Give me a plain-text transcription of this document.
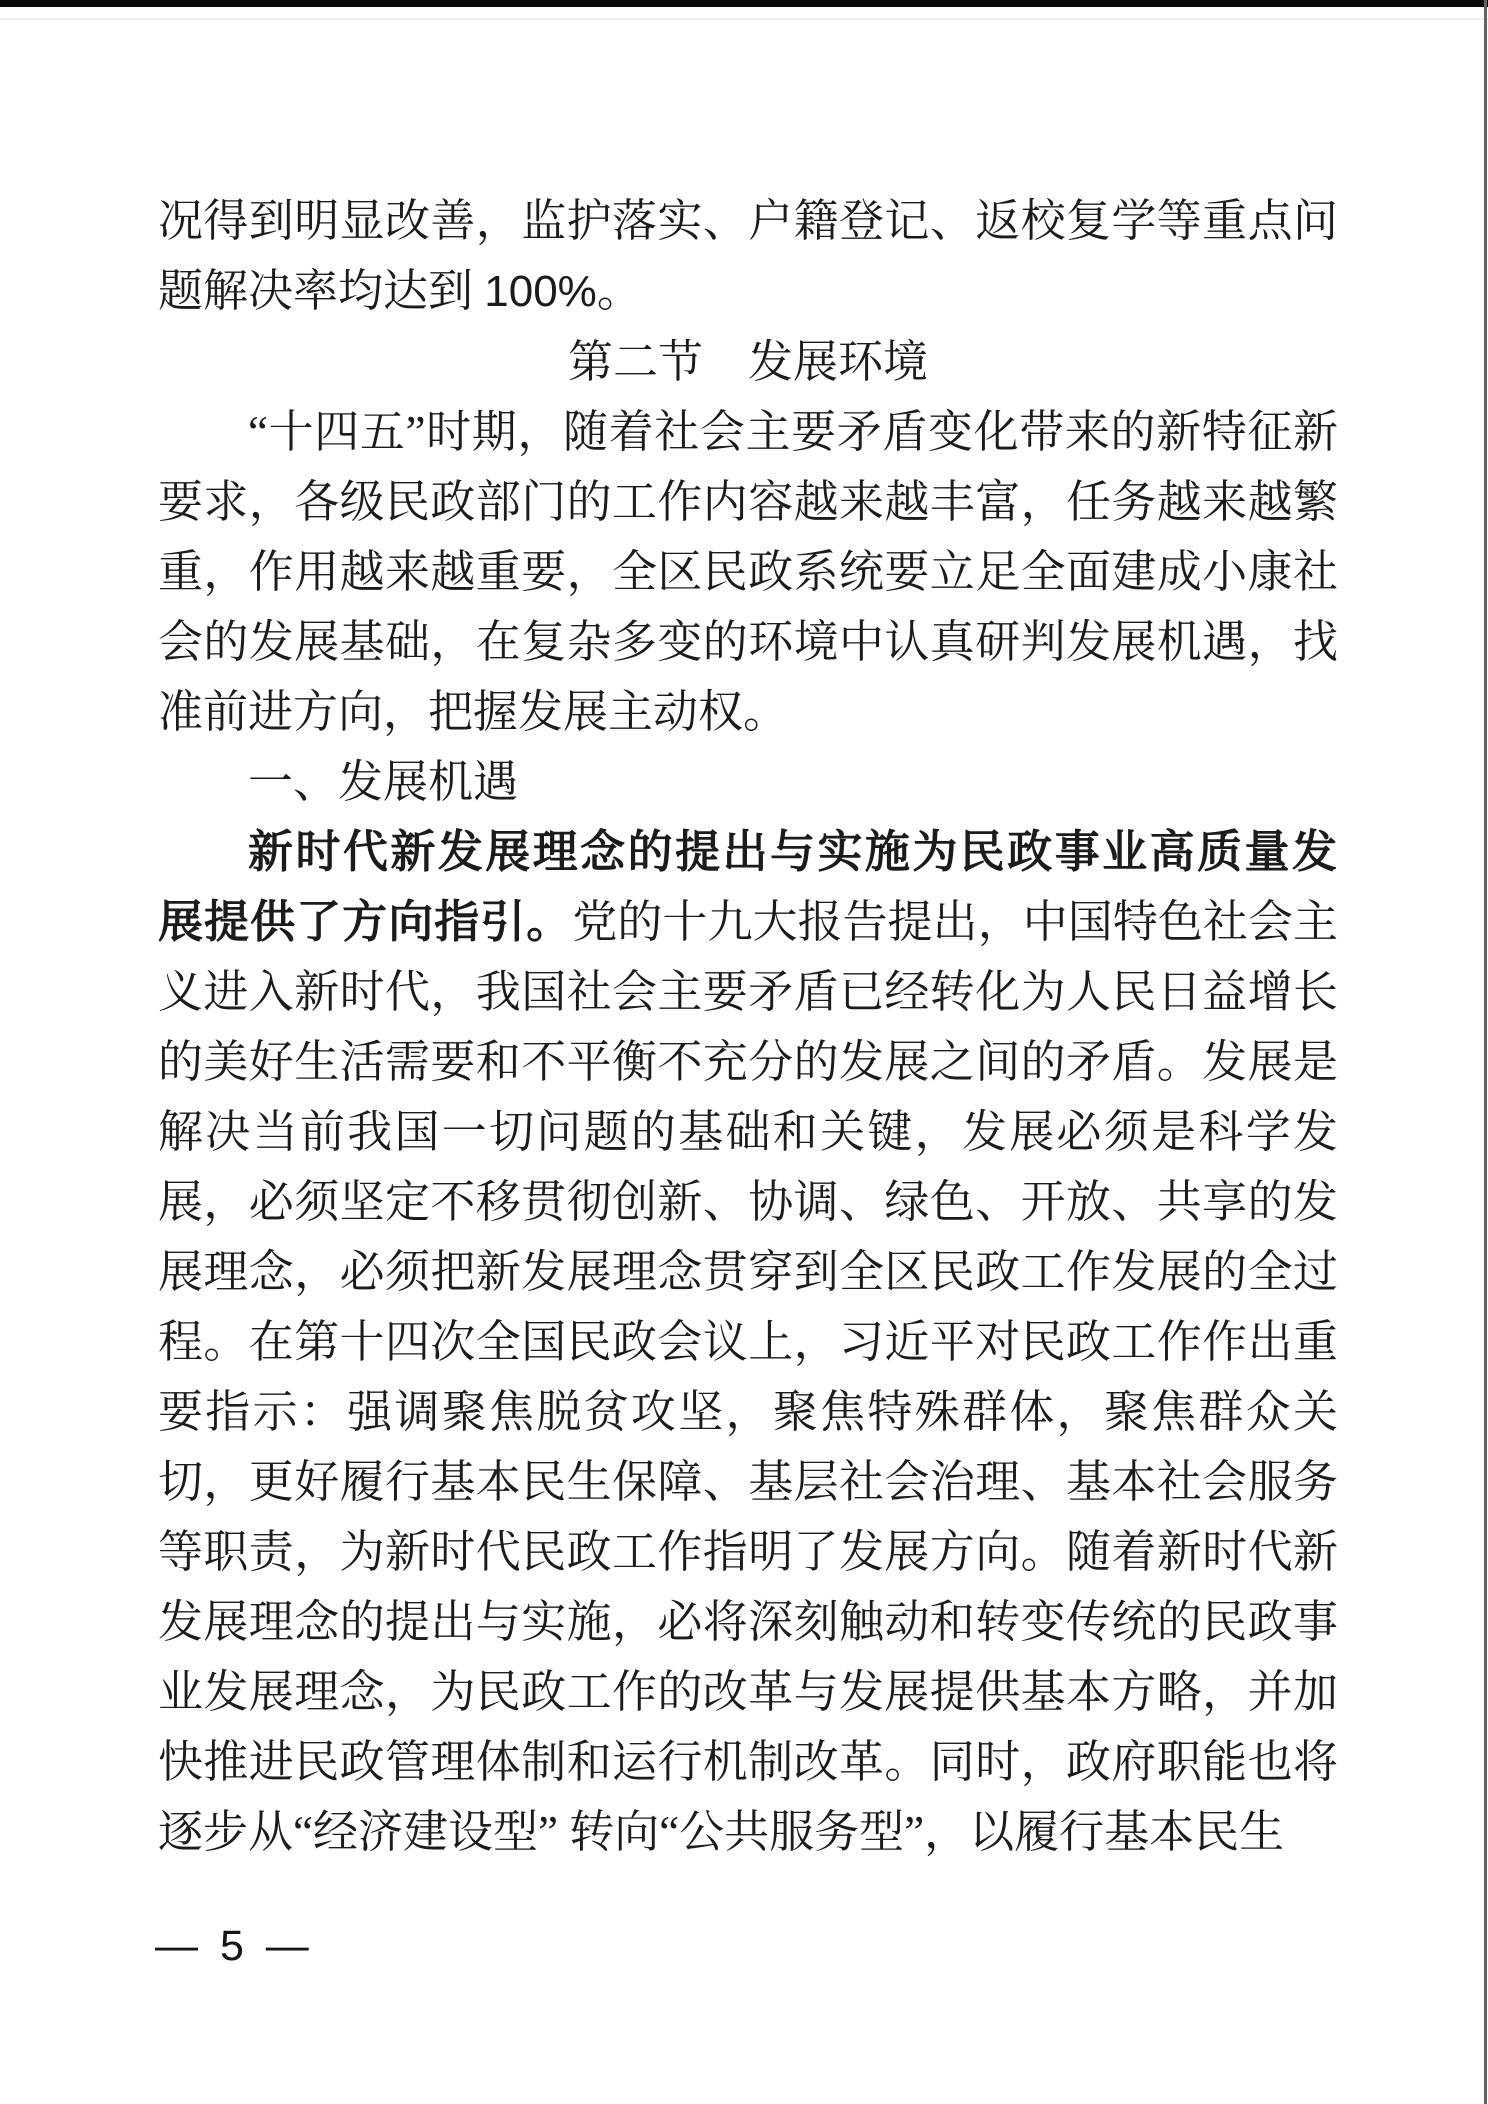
况得到明显改善，监护落实、户籍登记、返校复学等重点问题解决率均达到 100%。

第二节　发展环境

“十四五”时期，随着社会主要矛盾变化带来的新特征新要求，各级民政部门的工作内容越来越丰富，任务越来越繁重，作用越来越重要，全区民政系统要立足全面建成小康社会的发展基础，在复杂多变的环境中认真研判发展机遇，找准前进方向，把握发展主动权。

一、发展机遇

新时代新发展理念的提出与实施为民政事业高质量发展提供了方向指引。党的十九大报告提出，中国特色社会主义进入新时代，我国社会主要矛盾已经转化为人民日益增长的美好生活需要和不平衡不充分的发展之间的矛盾。发展是解决当前我国一切问题的基础和关键，发展必须是科学发展，必须坚定不移贯彻创新、协调、绿色、开放、共享的发展理念，必须把新发展理念贯穿到全区民政工作发展的全过程。在第十四次全国民政会议上，习近平对民政工作作出重要指示：强调聚焦脱贫攻坚，聚焦特殊群体，聚焦群众关切，更好履行基本民生保障、基层社会治理、基本社会服务等职责，为新时代民政工作指明了发展方向。随着新时代新发展理念的提出与实施，必将深刻触动和转变传统的民政事业发展理念，为民政工作的改革与发展提供基本方略，并加快推进民政管理体制和运行机制改革。同时，政府职能也将逐步从“经济建设型” 转向“公共服务型”，以履行基本民生

— 5 —
